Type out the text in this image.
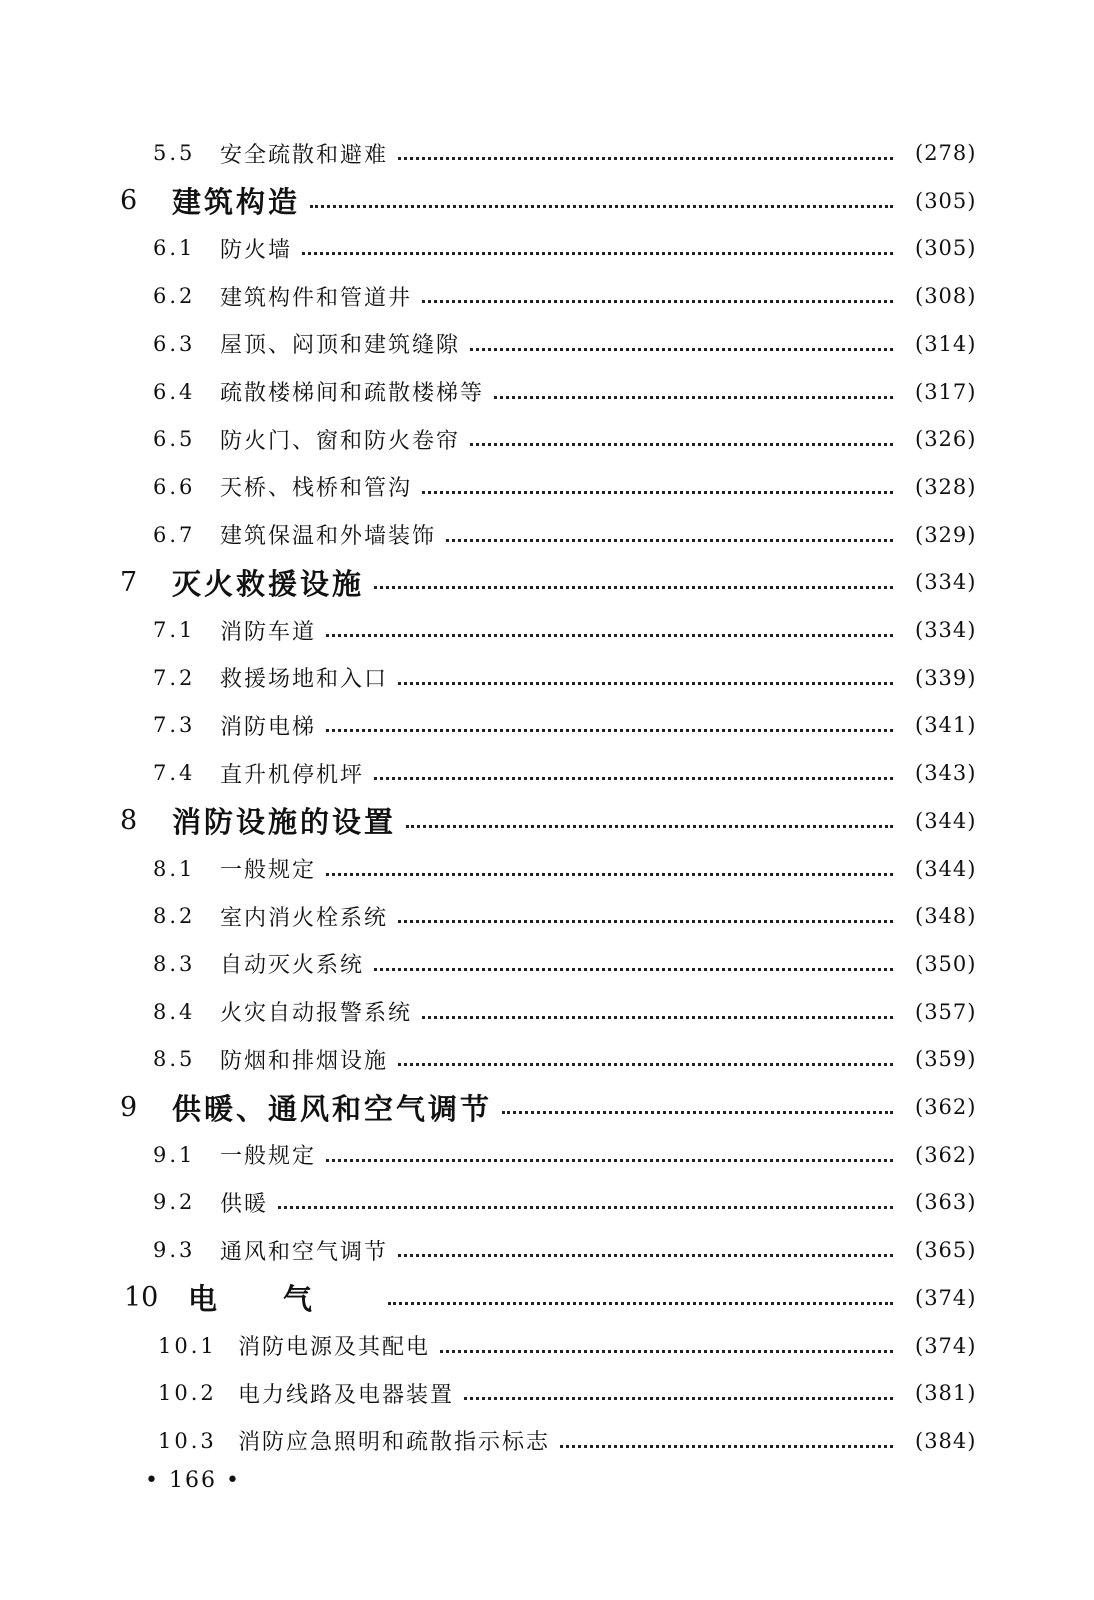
5.5 安全疏散和避难	(278)
6 建筑构造	(305)
6.1 防火墙	(305)
6.2 建筑构件和管道井	(308)
6.3 屋顶、闷顶和建筑缝隙	(314)
6.4 疏散楼梯间和疏散楼梯等	(317)
6.5 防火门、窗和防火卷帘	(326)
6.6 天桥、栈桥和管沟	(328)
6.7 建筑保温和外墙装饰	(329)
7 灭火救援设施	(334)
7.1 消防车道	(334)
7.2 救援场地和入口	(339)
7.3 消防电梯	(341)
7.4 直升机停机坪	(343)
8 消防设施的设置	(344)
8.1 一般规定	(344)
8.2 室内消火栓系统	(348)
8.3 自动灭火系统	(350)
8.4 火灾自动报警系统	(357)
8.5 防烟和排烟设施	(359)
9 供暖、通风和空气调节	(362)
9.1 一般规定	(362)
9.2 供暖	(363)
9.3 通风和空气调节	(365)
10 电气	(374)
10.1 消防电源及其配电	(374)
10.2 电力线路及电器装置	(381)
10.3 消防应急照明和疏散指示标志	(384)
• 166 •
